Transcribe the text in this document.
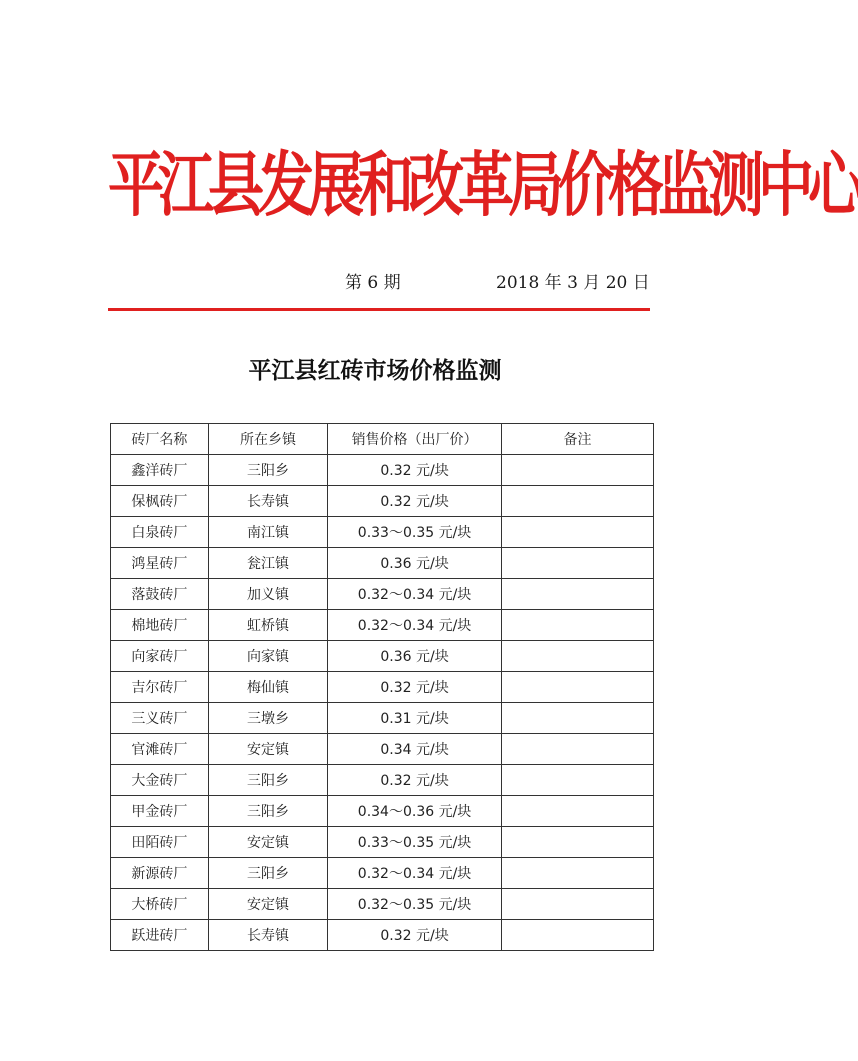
平江县发展和改革局价格监测中心
第 6 期	2018 年 3 月 20 日
平江县红砖市场价格监测
砖厂名称	所在乡镇	销售价格（出厂价）	备注
鑫洋砖厂	三阳乡	0.32 元/块	
保枫砖厂	长寿镇	0.32 元/块	
白泉砖厂	南江镇	0.33～0.35 元/块	
鸿星砖厂	瓮江镇	0.36 元/块	
落鼓砖厂	加义镇	0.32～0.34 元/块	
棉地砖厂	虹桥镇	0.32～0.34 元/块	
向家砖厂	向家镇	0.36 元/块	
吉尔砖厂	梅仙镇	0.32 元/块	
三义砖厂	三墩乡	0.31 元/块	
官滩砖厂	安定镇	0.34 元/块	
大金砖厂	三阳乡	0.32 元/块	
甲金砖厂	三阳乡	0.34～0.36 元/块	
田陌砖厂	安定镇	0.33～0.35 元/块	
新源砖厂	三阳乡	0.32～0.34 元/块	
大桥砖厂	安定镇	0.32～0.35 元/块	
跃进砖厂	长寿镇	0.32 元/块	
